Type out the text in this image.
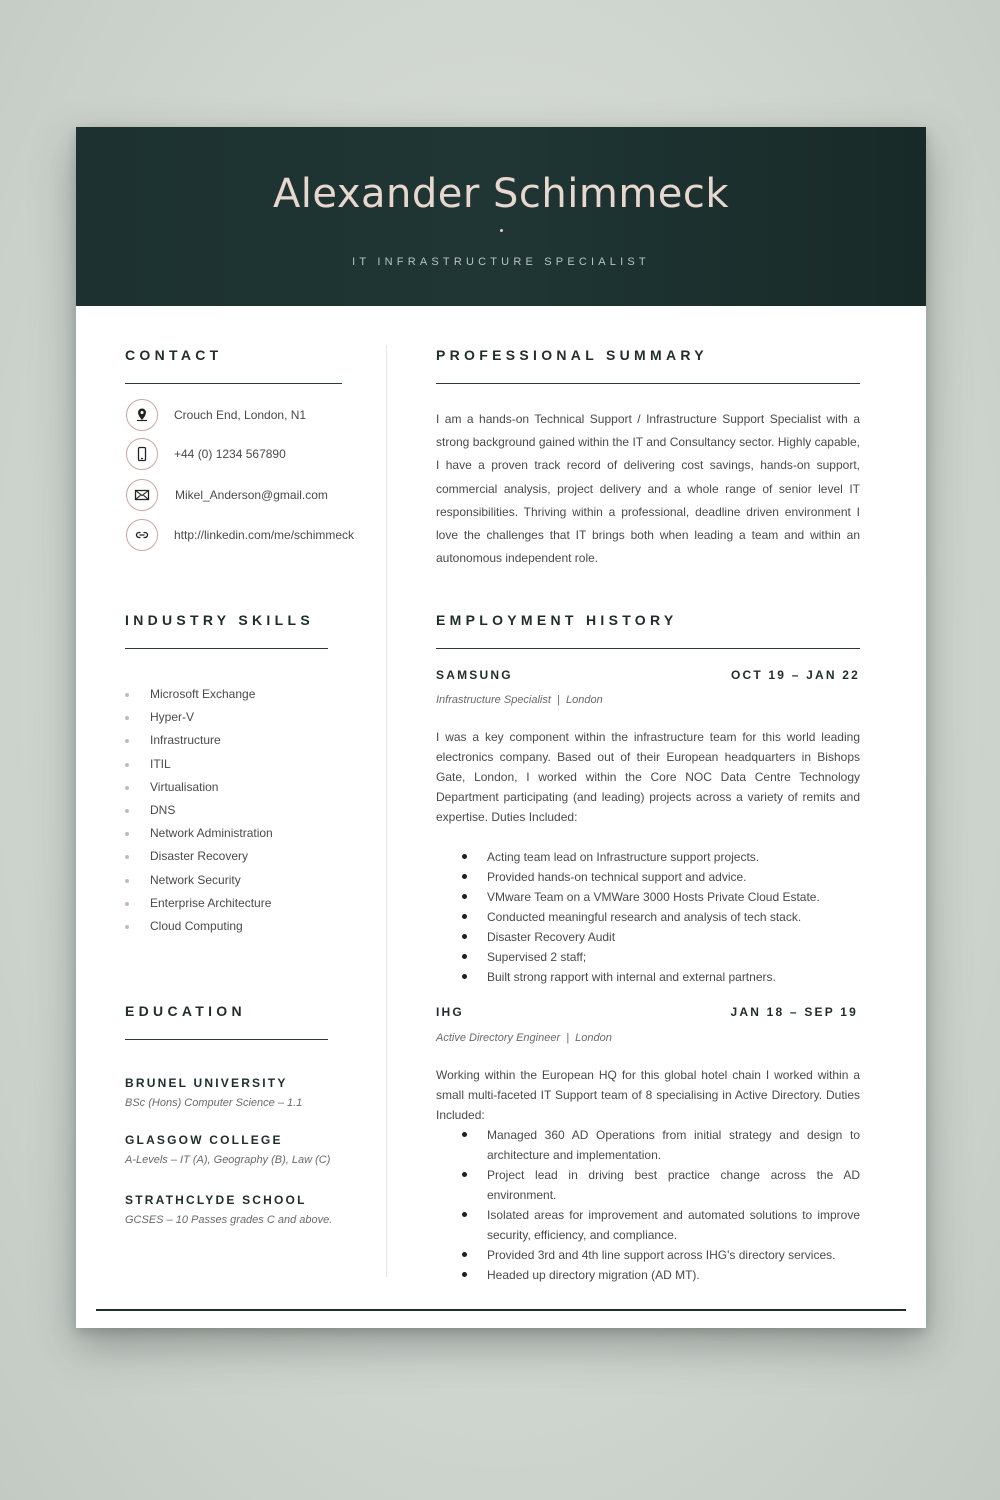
Alexander Schimmeck
IT INFRASTRUCTURE SPECIALIST
CONTACT
Crouch End, London, N1
+44 (0) 1234 567890
Mikel_Anderson@gmail.com
http://linkedin.com/me/schimmeck
INDUSTRY SKILLS
Microsoft Exchange
Hyper-V
Infrastructure
ITIL
Virtualisation
DNS
Network Administration
Disaster Recovery
Network Security
Enterprise Architecture
Cloud Computing
EDUCATION
BRUNEL UNIVERSITY
BSc (Hons) Computer Science – 1.1
GLASGOW COLLEGE
A-Levels – IT (A), Geography (B), Law (C)
STRATHCLYDE SCHOOL
GCSES – 10 Passes grades C and above.
PROFESSIONAL SUMMARY
I am a hands-on Technical Support / Infrastructure Support Specialist with a strong background gained within the IT and Consultancy sector. Highly capable, I have a proven track record of delivering cost savings, hands-on support, commercial analysis, project delivery and a whole range of senior level IT responsibilities. Thriving within a professional, deadline driven environment I love the challenges that IT brings both when leading a team and within an autonomous independent role.
EMPLOYMENT HISTORY
SAMSUNG	OCT 19 – JAN 22
Infrastructure Specialist  |  London
I was a key component within the infrastructure team for this world leading electronics company. Based out of their European headquarters in Bishops Gate, London, I worked within the Core NOC Data Centre Technology Department participating (and leading) projects across a variety of remits and expertise. Duties Included:
Acting team lead on Infrastructure support projects.
Provided hands-on technical support and advice.
VMware Team on a VMWare 3000 Hosts Private Cloud Estate.
Conducted meaningful research and analysis of tech stack.
Disaster Recovery Audit
Supervised 2 staff;
Built strong rapport with internal and external partners.
IHG	JAN 18 – SEP 19
Active Directory Engineer  |  London
Working within the European HQ for this global hotel chain I worked within a small multi-faceted IT Support team of 8 specialising in Active Directory. Duties Included:
Managed 360 AD Operations from initial strategy and design to architecture and implementation.
Project lead in driving best practice change across the AD environment.
Isolated areas for improvement and automated solutions to improve security, efficiency, and compliance.
Provided 3rd and 4th line support across IHG's directory services.
Headed up directory migration (AD MT).
